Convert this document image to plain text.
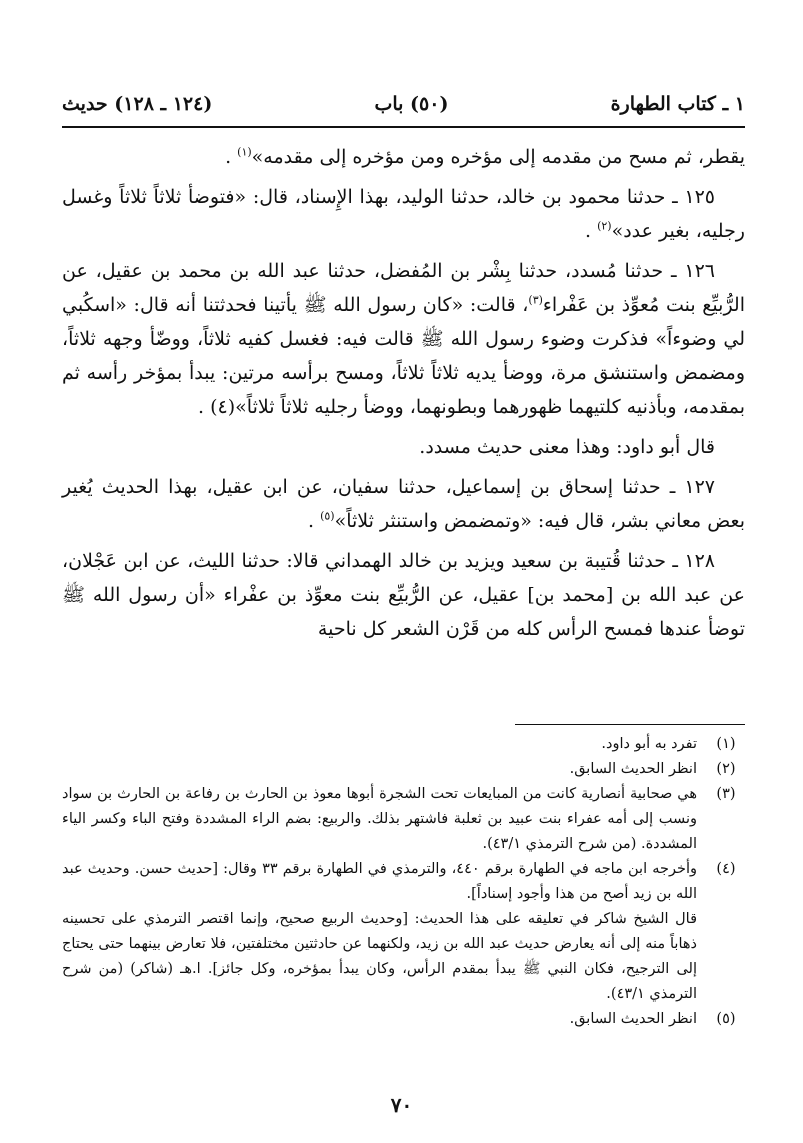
١ ـ كتاب الطهارة
(٥٠) باب
(١٢٤ ـ ١٢٨) حديث

يقطر، ثم مسح من مقدمه إلى مؤخره ومن مؤخره إلى مقدمه»$^{(١)}$ .

١٢٥ ـ حدثنا محمود بن خالد، حدثنا الوليد، بهذا الإِسناد، قال: «فتوضأ ثلاثاً ثلاثاً وغسل رجليه، بغير عدد»$^{(٢)}$ .

١٢٦ ـ حدثنا مُسدد، حدثنا بِشْر بن المُفضل، حدثنا عبد الله بن محمد بن عقيل، عن الرُّبيِّع بنت مُعوِّذ بن عَفْراء$^{(٣)}$، قالت: «كان رسول الله ﷺ يأتينا فحدثتنا أنه قال: «اسكُبي لي وضوءاً» فذكرت وضوء رسول الله ﷺ قالت فيه: فغسل كفيه ثلاثاً، ووضّأ وجهه ثلاثاً، ومضمض واستنشق مرة، ووضأ يديه ثلاثاً ثلاثاً، ومسح برأسه مرتين: يبدأ بمؤخر رأسه ثم بمقدمه، وبأذنيه كلتيهما ظهورهما وبطونهما، ووضأ رجليه ثلاثاً ثلاثاً»(٤) .

قال أبو داود: وهذا معنى حديث مسدد.

١٢٧ ـ حدثنا إسحاق بن إسماعيل، حدثنا سفيان، عن ابن عقيل، بهذا الحديث يُغير بعض معاني بشر، قال فيه: «وتمضمض واستنثر ثلاثاً»$^{(٥)}$ .

١٢٨ ـ حدثنا قُتيبة بن سعيد ويزيد بن خالد الهمداني قالا: حدثنا الليث، عن ابن عَجْلان، عن عبد الله بن [محمد بن] عقيل، عن الرُّبيِّع بنت معوِّذ بن عفْراء «أن رسول الله ﷺ توضأ عندها فمسح الرأس كله من قَرْن الشعر كل ناحية

(١)
تفرد به أبو داود.
(٢)
انظر الحديث السابق.
(٣)
هي صحابية أنصارية كانت من المبايعات تحت الشجرة أبوها معوذ بن الحارث بن رفاعة بن الحارث بن سواد ونسب إلى أمه عفراء بنت عبيد بن ثعلبة فاشتهر بذلك. والربيع: بضم الراء المشددة وفتح الباء وكسر الياء المشددة. (من شرح الترمذي ٤٣/١).
(٤)
وأخرجه ابن ماجه في الطهارة برقم ٤٤٠، والترمذي في الطهارة برقم ٣٣ وقال: [حديث حسن. وحديث عبد الله بن زيد أصح من هذا وأجود إسناداً].
قال الشيخ شاكر في تعليقه على هذا الحديث: [وحديث الربيع صحيح، وإنما اقتصر الترمذي على تحسينه ذهاباً منه إلى أنه يعارض حديث عبد الله بن زيد، ولكنهما عن حادثتين مختلفتين، فلا تعارض بينهما حتى يحتاج إلى الترجيح، فكان النبي ﷺ يبدأ بمقدم الرأس، وكان يبدأ بمؤخره، وكل جائز]. ا.هـ (شاكر) (من شرح الترمذي ٤٣/١).
(٥)
انظر الحديث السابق.
٧٠
